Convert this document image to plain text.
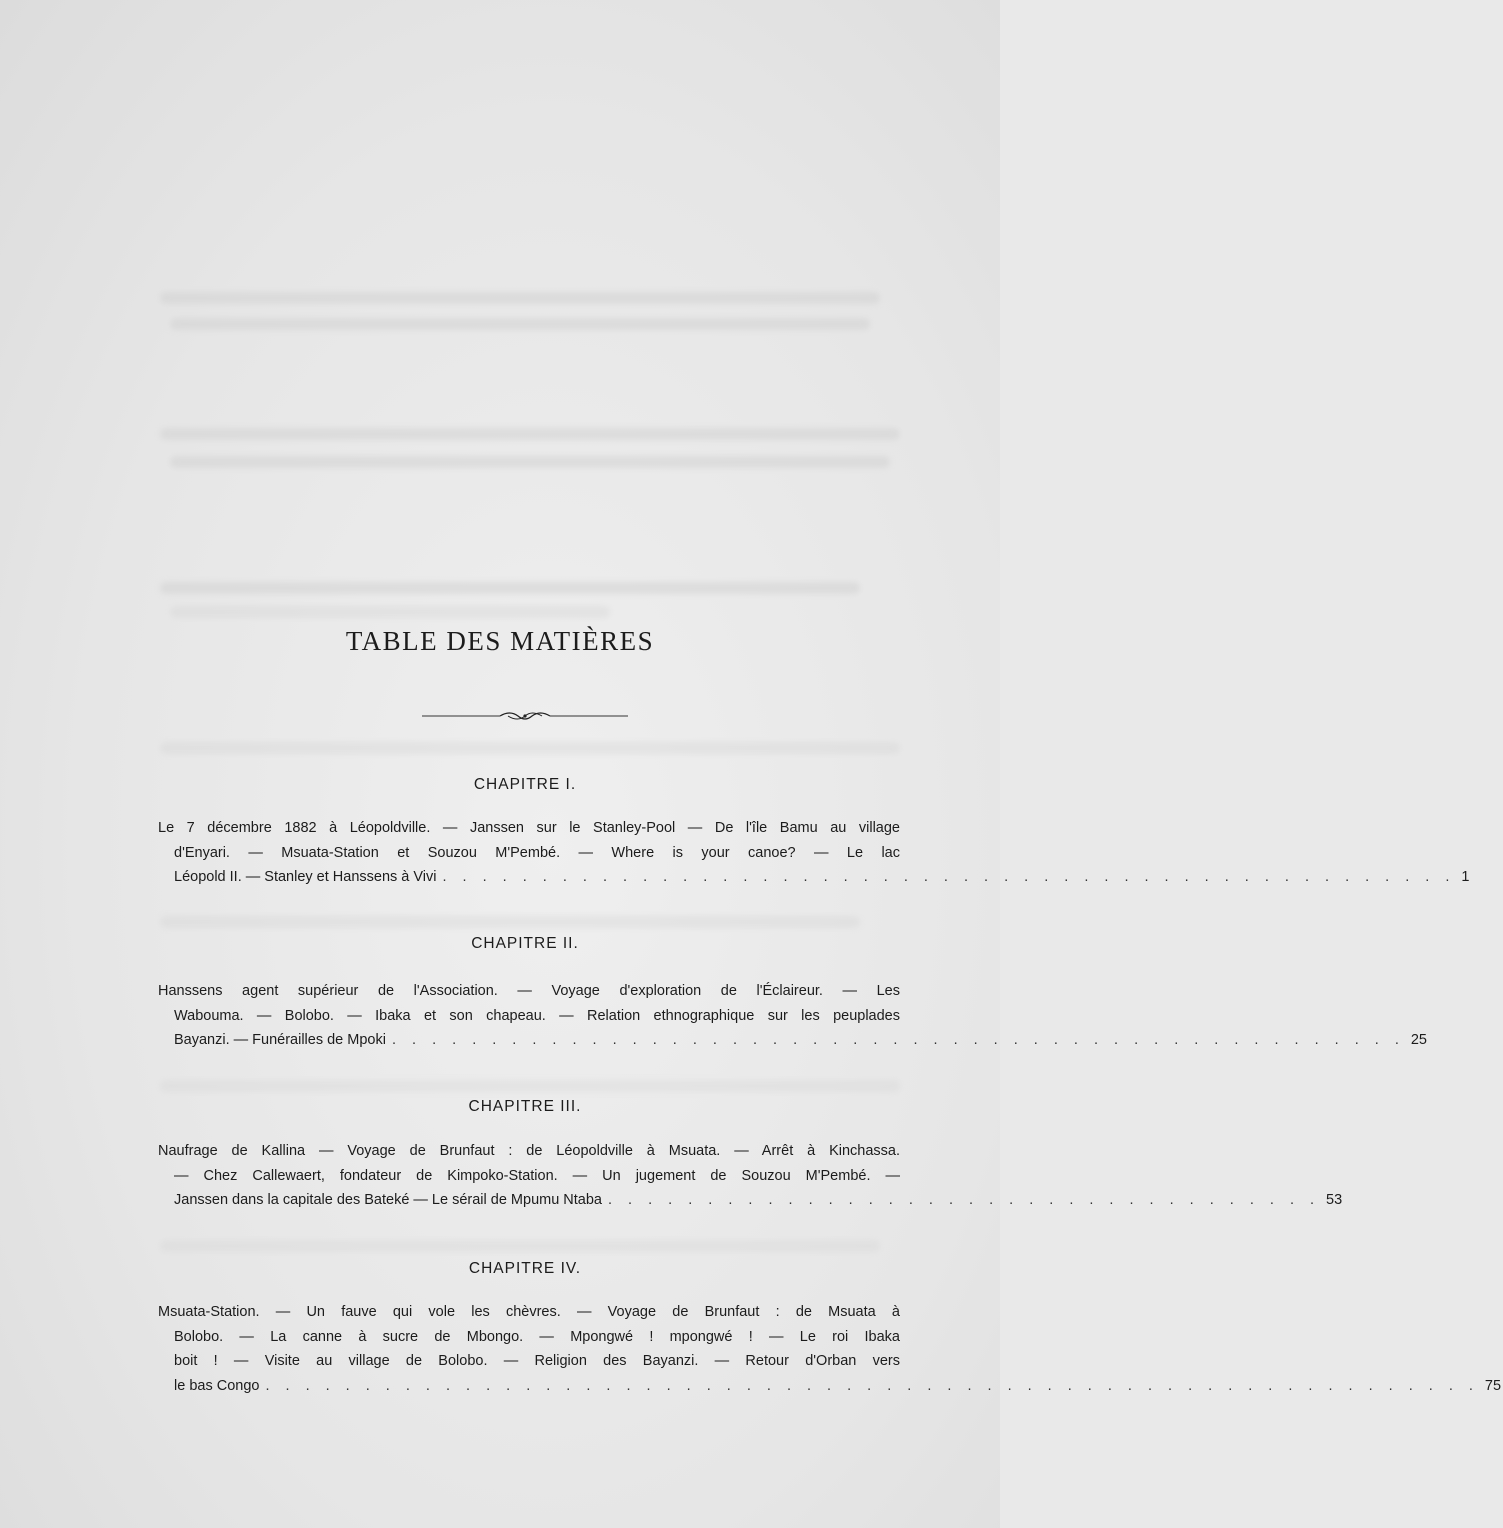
TABLE DES MATIÈRES
CHAPITRE I.
Le 7 décembre 1882 à Léopoldville. — Janssen sur le Stanley-Pool — De l'île Bamu au village
d'Enyari. — Msuata-Station et Souzou M'Pembé. — Where is your canoe? — Le lac
Léopold II. — Stanley et Hanssens à Vivi . . . . . . . . . . . . . . . . . . . . . . . . . . . . . . . . . . . . . . . . . . . . . . . . . . . 1
CHAPITRE II.
Hanssens agent supérieur de l'Association. — Voyage d'exploration de l'Éclaireur. — Les
Wabouma. — Bolobo. — Ibaka et son chapeau. — Relation ethnographique sur les peuplades
Bayanzi. — Funérailles de Mpoki . . . . . . . . . . . . . . . . . . . . . . . . . . . . . . . . . . . . . . . . . . . . . . . . . . . 25
CHAPITRE III.
Naufrage de Kallina — Voyage de Brunfaut : de Léopoldville à Msuata. — Arrêt à Kinchassa.
— Chez Callewaert, fondateur de Kimpoko-Station. — Un jugement de Souzou M'Pembé. —
Janssen dans la capitale des Bateké — Le sérail de Mpumu Ntaba . . . . . . . . . . . . . . . . . . . . . . . . . . . . . . . . . . . . 53
CHAPITRE IV.
Msuata-Station. — Un fauve qui vole les chèvres. — Voyage de Brunfaut : de Msuata à
Bolobo. — La canne à sucre de Mbongo. — Mpongwé ! mpongwé ! — Le roi Ibaka
boit ! — Visite au village de Bolobo. — Religion des Bayanzi. — Retour d'Orban vers
le bas Congo . . . . . . . . . . . . . . . . . . . . . . . . . . . . . . . . . . . . . . . . . . . . . . . . . . . . . . . . . . . . . 75
